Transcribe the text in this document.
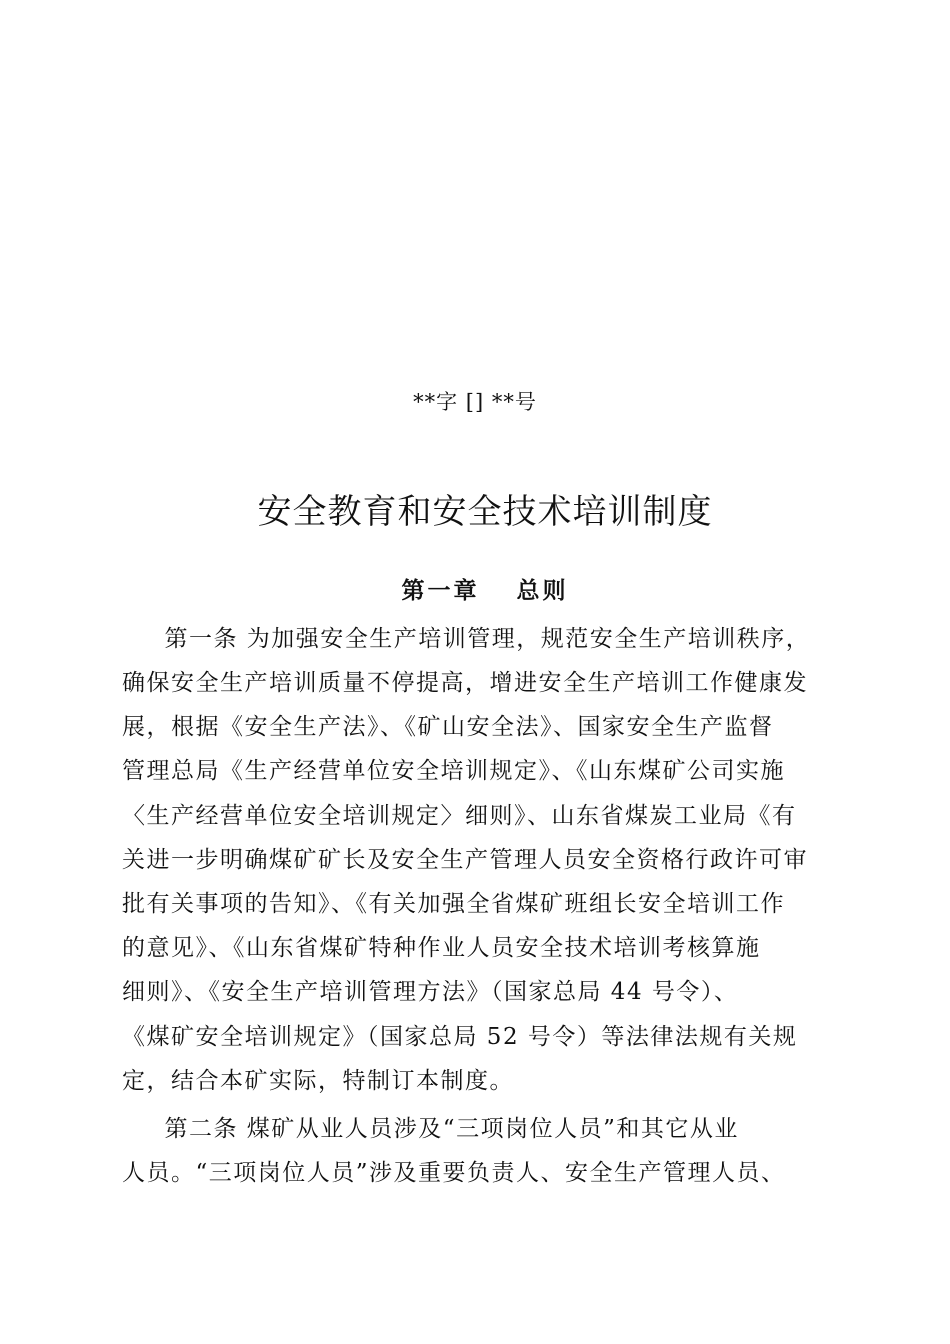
**字 [] **号
安全教育和安全技术培训制度
第一章　 总则
　第一条 为加强安全生产培训管理，规范安全生产培训秩序，
确保安全生产培训质量不停提高，增进安全生产培训工作健康发
展，根据《安全生产法》、《矿山安全法》、国家安全生产监督
管理总局《生产经营单位安全培训规定》、《山东煤矿公司实施
〈生产经营单位安全培训规定〉细则》、山东省煤炭工业局《有
关进一步明确煤矿矿长及安全生产管理人员安全资格行政许可审
批有关事项的告知》、《有关加强全省煤矿班组长安全培训工作
的意见》、《山东省煤矿特种作业人员安全技术培训考核算施
细则》、《安全生产培训管理方法》（国家总局 44 号令）、
《煤矿安全培训规定》（国家总局 52 号令）等法律法规有关规
定，结合本矿实际，特制订本制度。
　第二条 煤矿从业人员涉及“三项岗位人员”和其它从业
人员。“三项岗位人员”涉及重要负责人、安全生产管理人员、
